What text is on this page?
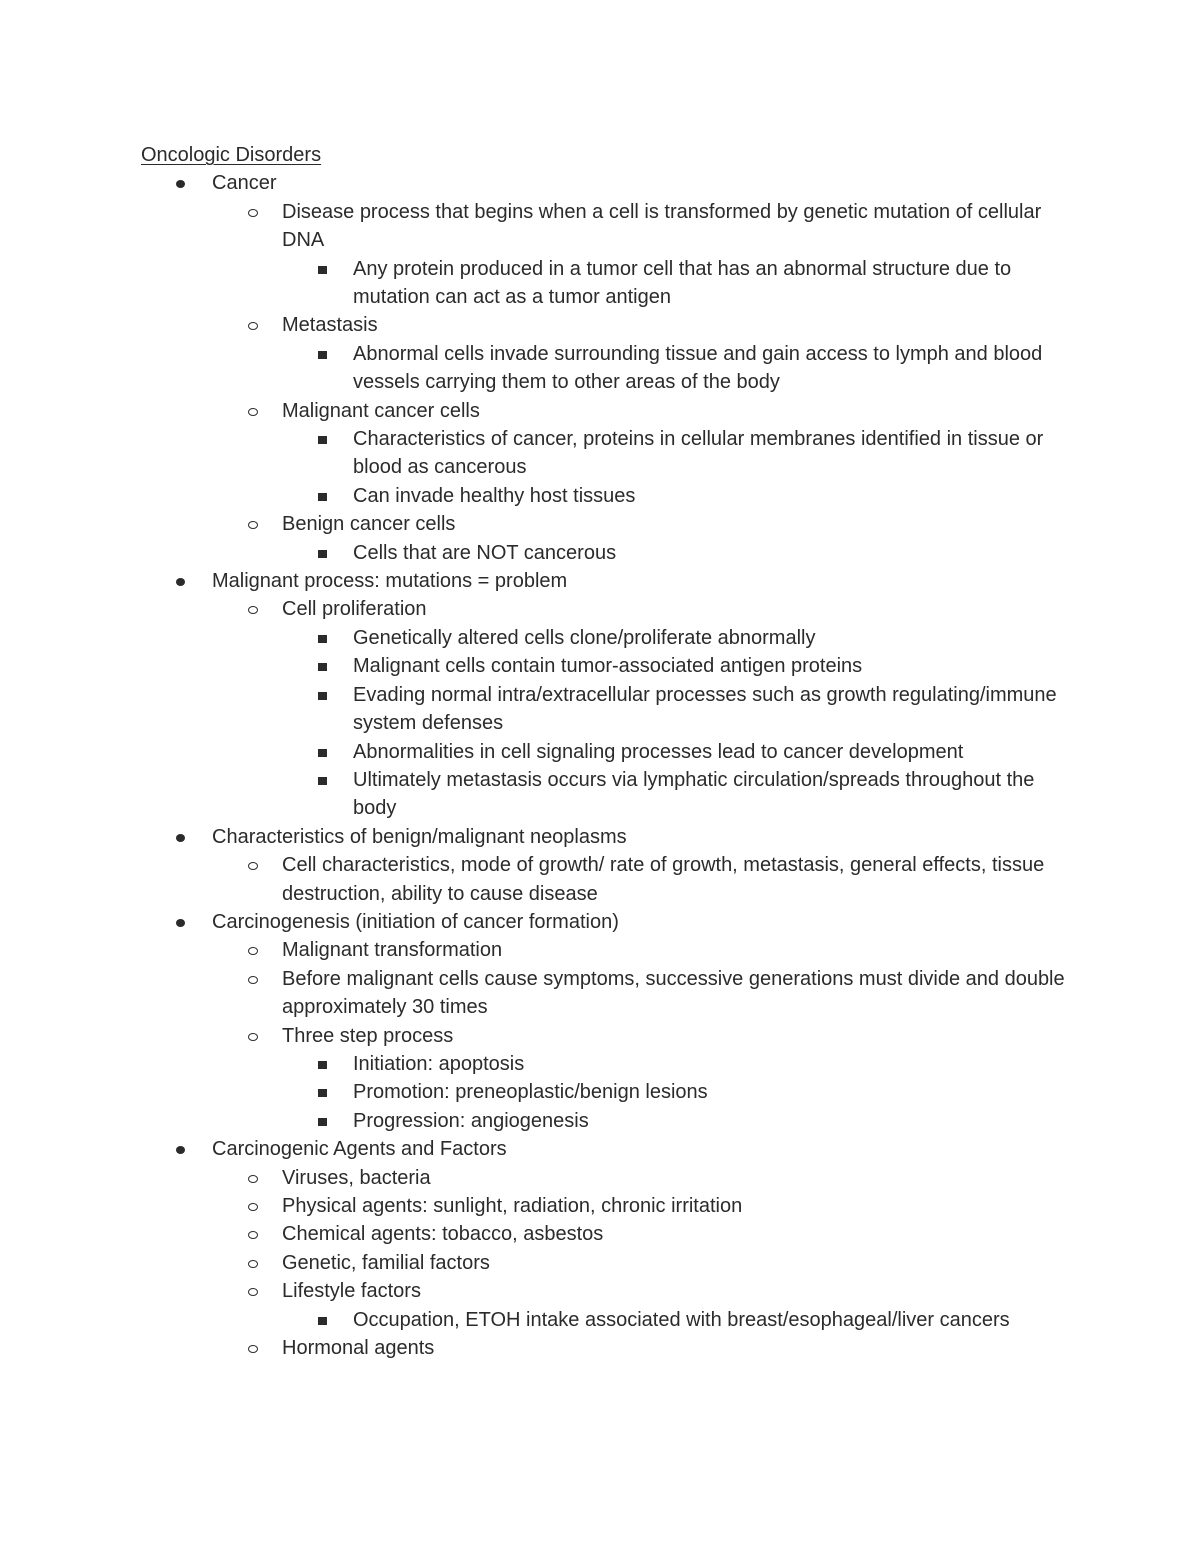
Oncologic Disorders
Cancer
Disease process that begins when a cell is transformed by genetic mutation of cellular DNA
Any protein produced in a tumor cell that has an abnormal structure due to mutation can act as a tumor antigen
Metastasis
Abnormal cells invade surrounding tissue and gain access to lymph and blood vessels carrying them to other areas of the body
Malignant cancer cells
Characteristics of cancer, proteins in cellular membranes identified in tissue or blood as cancerous
Can invade healthy host tissues
Benign cancer cells
Cells that are NOT cancerous
Malignant process: mutations = problem
Cell proliferation
Genetically altered cells clone/proliferate abnormally
Malignant cells contain tumor-associated antigen proteins
Evading normal intra/extracellular processes such as growth regulating/immune system defenses
Abnormalities in cell signaling processes lead to cancer development
Ultimately metastasis occurs via lymphatic circulation/spreads throughout the body
Characteristics of benign/malignant neoplasms
Cell characteristics, mode of growth/ rate of growth, metastasis, general effects, tissue destruction, ability to cause disease
Carcinogenesis (initiation of cancer formation)
Malignant transformation
Before malignant cells cause symptoms, successive generations must divide and double approximately 30 times
Three step process
Initiation: apoptosis
Promotion: preneoplastic/benign lesions
Progression: angiogenesis
Carcinogenic Agents and Factors
Viruses, bacteria
Physical agents: sunlight, radiation, chronic irritation
Chemical agents: tobacco, asbestos
Genetic, familial factors
Lifestyle factors
Occupation, ETOH intake associated with breast/esophageal/liver cancers
Hormonal agents
